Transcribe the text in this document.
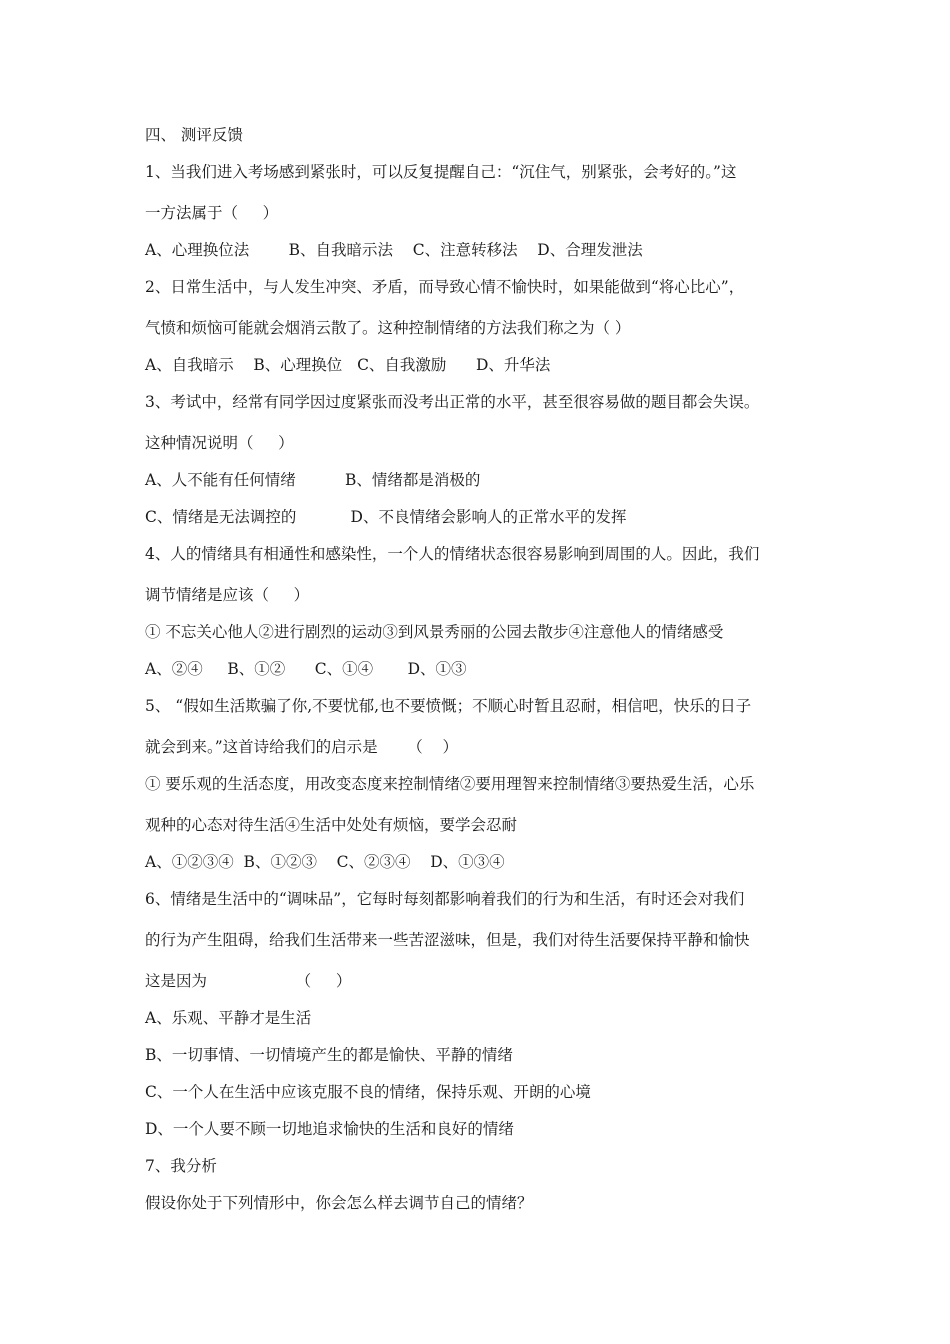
四、 测评反馈
1、当我们进入考场感到紧张时，可以反复提醒自己：“沉住气，别紧张，会考好的。”这
一方法属于（     ）
A、心理换位法        B、自我暗示法    C、注意转移法    D、合理发泄法
2、日常生活中，与人发生冲突、矛盾，而导致心情不愉快时，如果能做到“将心比心”，
气愤和烦恼可能就会烟消云散了。这种控制情绪的方法我们称之为（ ）
A、自我暗示    B、心理换位   C、自我激励      D、升华法
3、考试中，经常有同学因过度紧张而没考出正常的水平，甚至很容易做的题目都会失误。
这种情况说明（     ）
A、人不能有任何情绪          B、情绪都是消极的
C、情绪是无法调控的           D、不良情绪会影响人的正常水平的发挥
4、人的情绪具有相通性和感染性，一个人的情绪状态很容易影响到周围的人。因此，我们
调节情绪是应该（     ）
① 不忘关心他人②进行剧烈的运动③到风景秀丽的公园去散步④注意他人的情绪感受
A、②④     B、①②      C、①④       D、①③
5、 “假如生活欺骗了你,不要忧郁,也不要愤慨；不顺心时暂且忍耐，相信吧，快乐的日子
就会到来。”这首诗给我们的启示是      （    ）
① 要乐观的生活态度，用改变态度来控制情绪②要用理智来控制情绪③要热爱生活，心乐
观种的心态对待生活④生活中处处有烦恼，要学会忍耐
A、①②③④  B、①②③    C、②③④    D、①③④
6、情绪是生活中的“调味品”，它每时每刻都影响着我们的行为和生活，有时还会对我们
的行为产生阻碍，给我们生活带来一些苦涩滋味，但是，我们对待生活要保持平静和愉快
这是因为                  （     ）
A、乐观、平静才是生活
B、一切事情、一切情境产生的都是愉快、平静的情绪
C、一个人在生活中应该克服不良的情绪，保持乐观、开朗的心境
D、一个人要不顾一切地追求愉快的生活和良好的情绪
7、我分析
假设你处于下列情形中，你会怎么样去调节自己的情绪？
